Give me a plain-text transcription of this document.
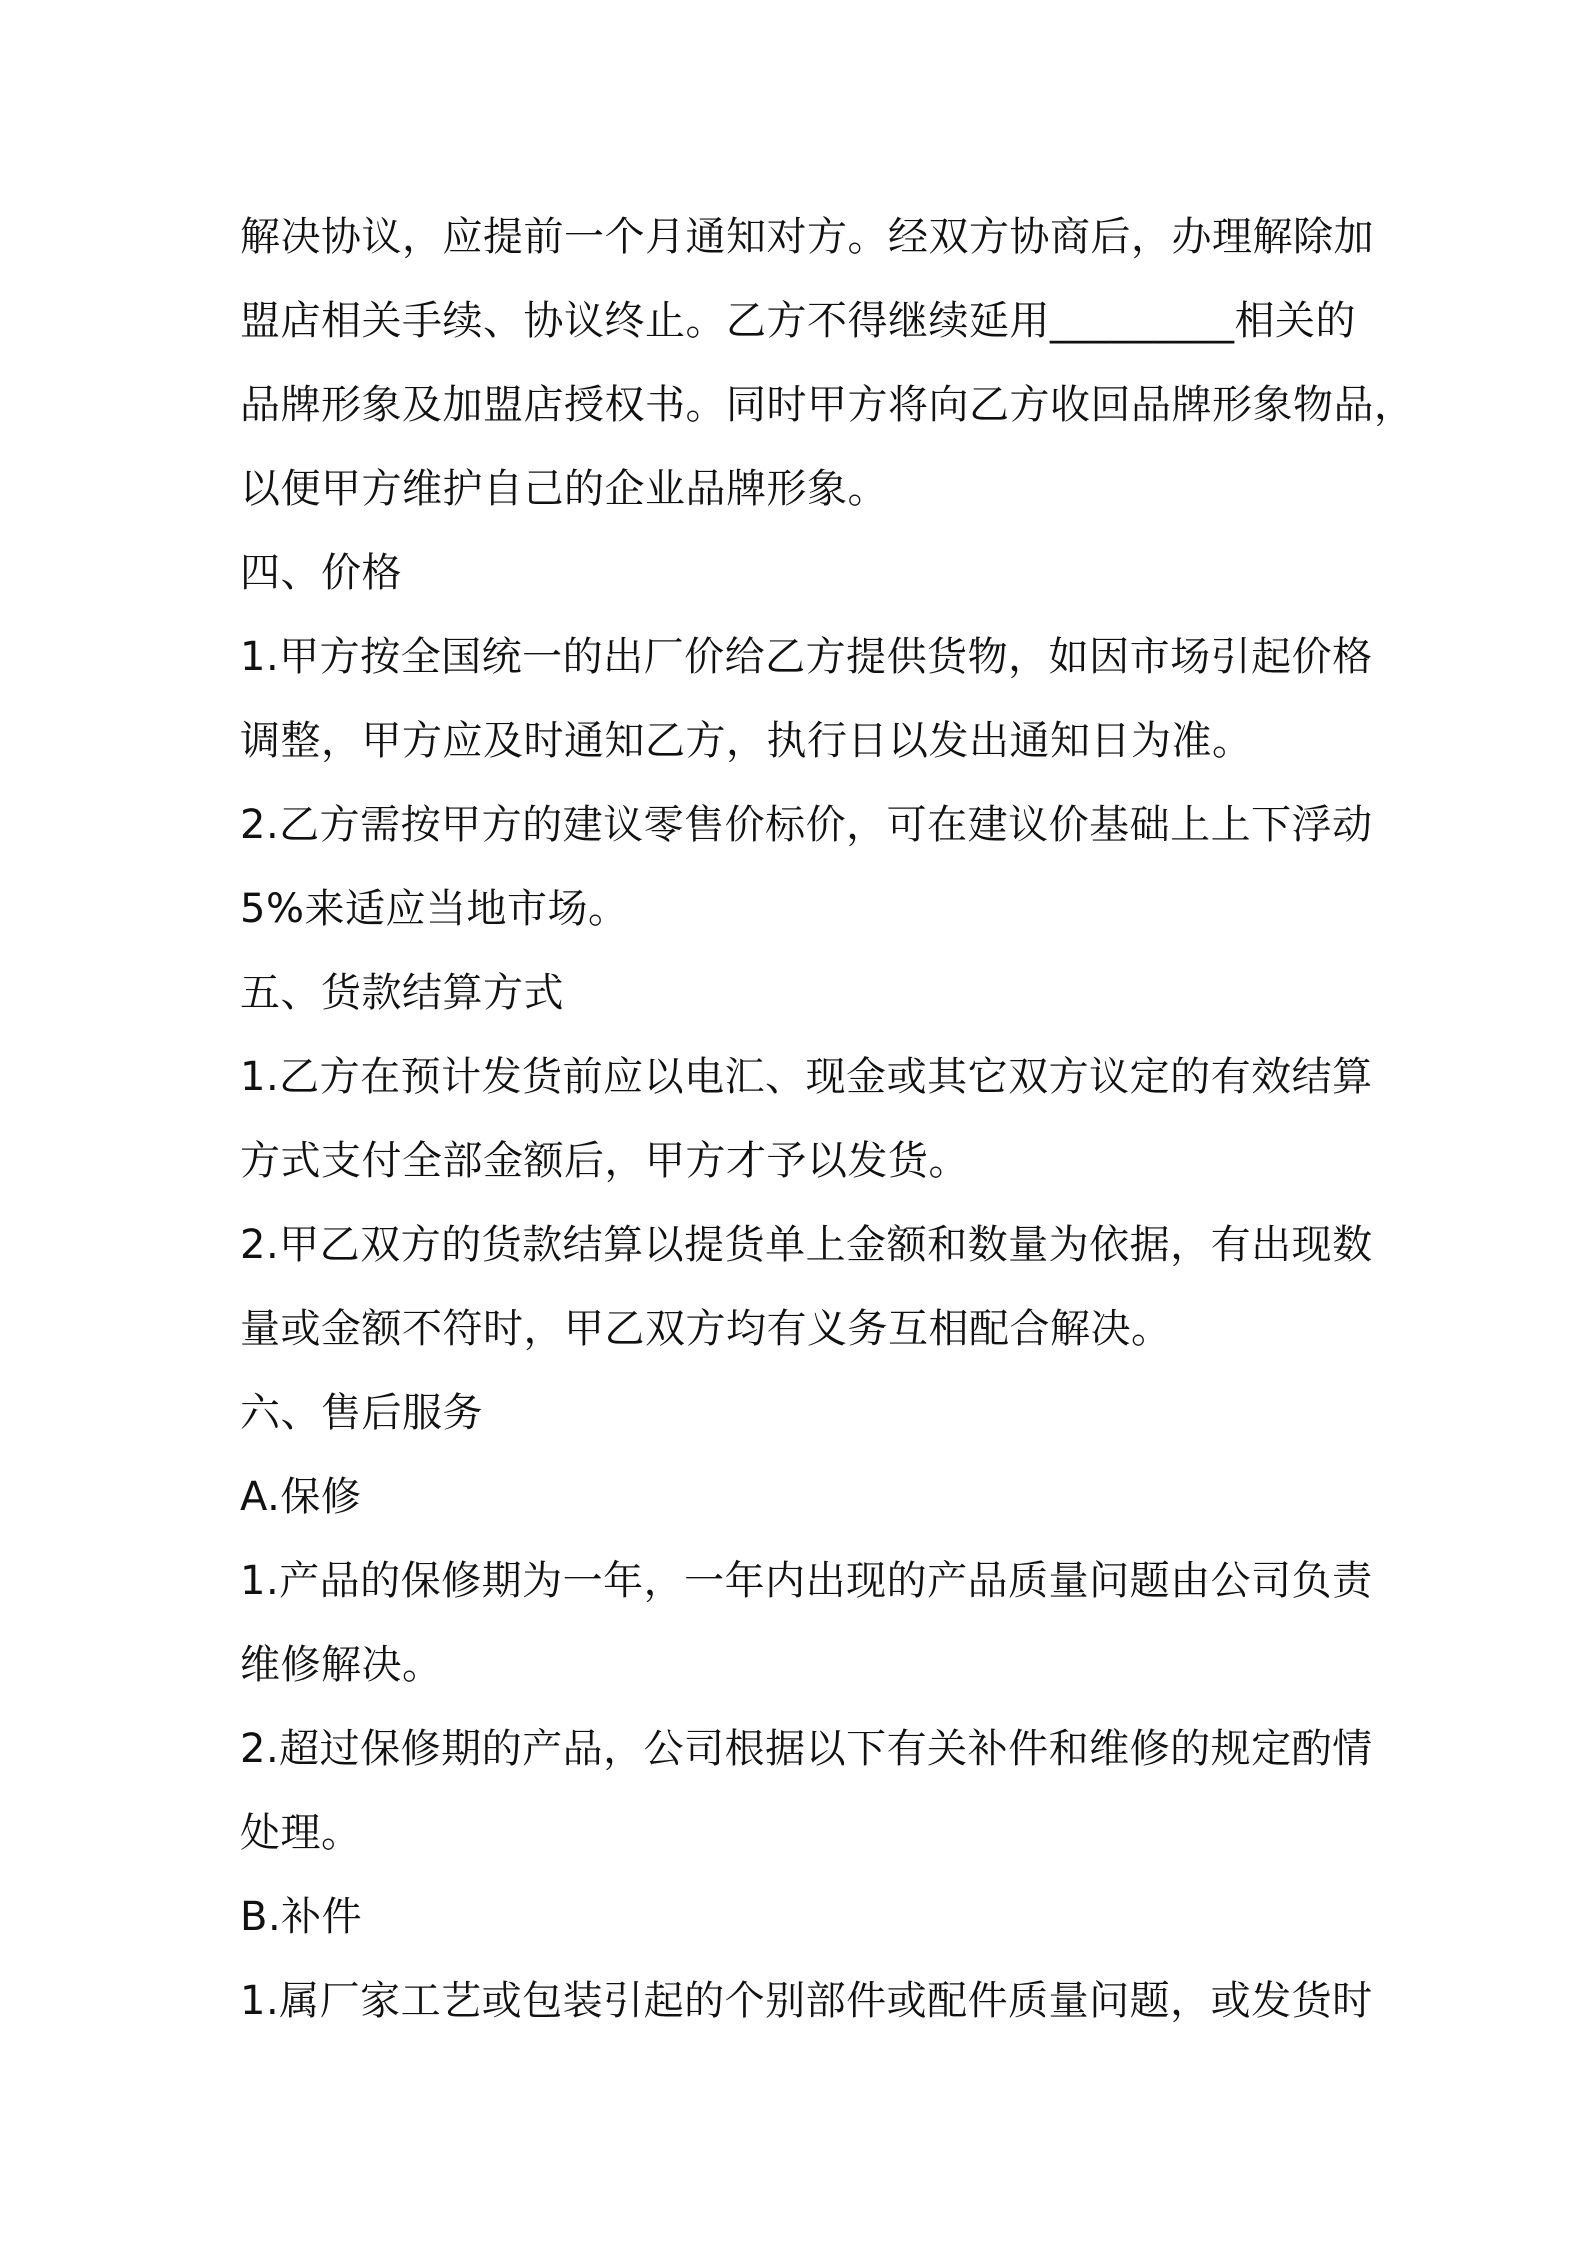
解决协议，应提前一个月通知对方。经双方协商后，办理解除加
盟店相关手续、协议终止。乙方不得继续延用_________相关的
品牌形象及加盟店授权书。同时甲方将向乙方收回品牌形象物品，
以便甲方维护自己的企业品牌形象。
四、价格
1.甲方按全国统一的出厂价给乙方提供货物，如因市场引起价格
调整，甲方应及时通知乙方，执行日以发出通知日为准。
2.乙方需按甲方的建议零售价标价，可在建议价基础上上下浮动
5%来适应当地市场。
五、货款结算方式
1.乙方在预计发货前应以电汇、现金或其它双方议定的有效结算
方式支付全部金额后，甲方才予以发货。
2.甲乙双方的货款结算以提货单上金额和数量为依据，有出现数
量或金额不符时，甲乙双方均有义务互相配合解决。
六、售后服务
A.保修
1.产品的保修期为一年，一年内出现的产品质量问题由公司负责
维修解决。
2.超过保修期的产品，公司根据以下有关补件和维修的规定酌情
处理。
B.补件
1.属厂家工艺或包装引起的个别部件或配件质量问题，或发货时
